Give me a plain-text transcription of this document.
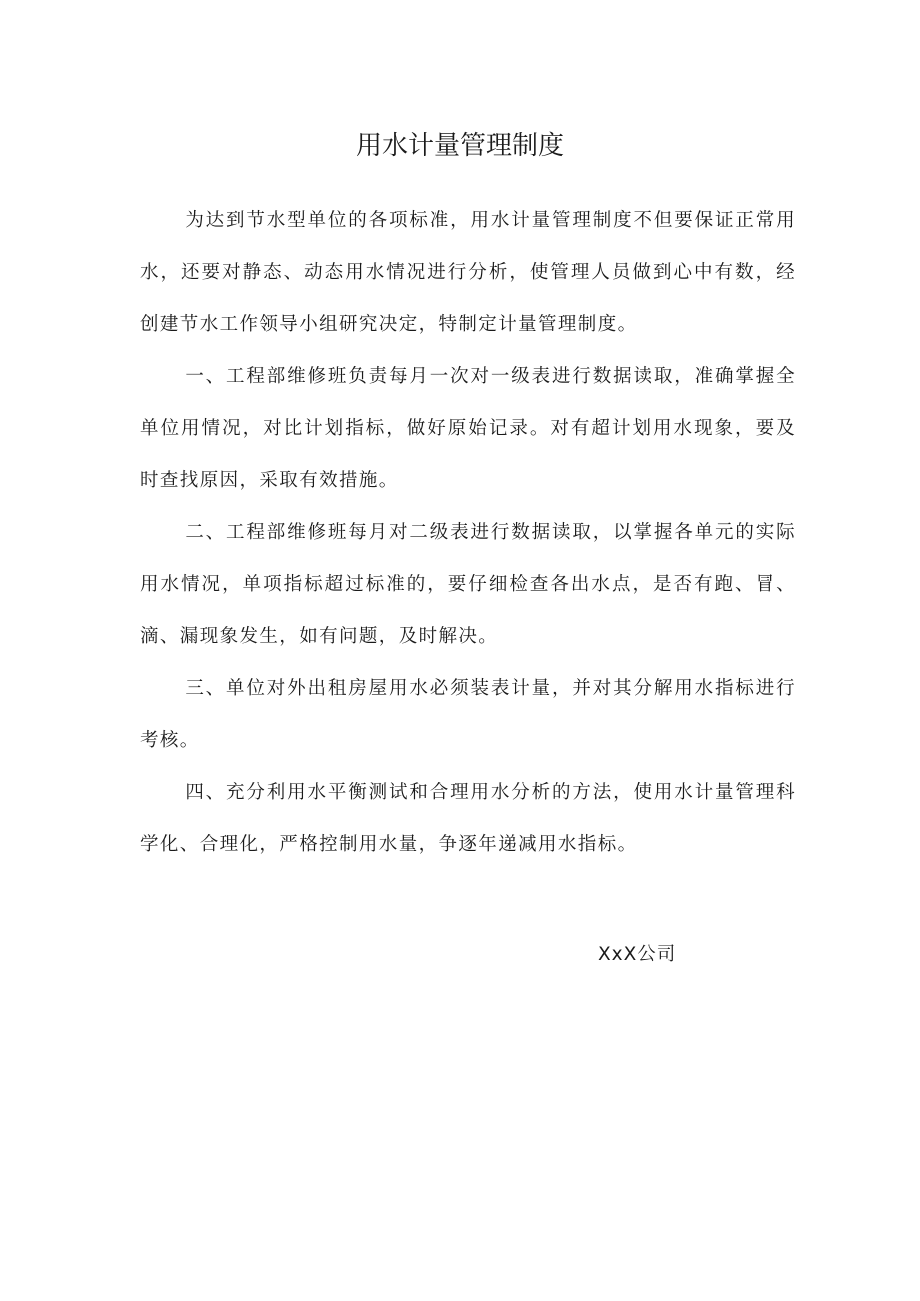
用水计量管理制度

为达到节水型单位的各项标准，用水计量管理制度不但要保证正常用水，还要对静态、动态用水情况进行分析，使管理人员做到心中有数，经创建节水工作领导小组研究决定，特制定计量管理制度。

一、工程部维修班负责每月一次对一级表进行数据读取，准确掌握全单位用情况，对比计划指标，做好原始记录。对有超计划用水现象，要及时查找原因，采取有效措施。

二、工程部维修班每月对二级表进行数据读取，以掌握各单元的实际用水情况，单项指标超过标准的，要仔细检查各出水点，是否有跑、冒、滴、漏现象发生，如有问题，及时解决。

三、单位对外出租房屋用水必须装表计量，并对其分解用水指标进行考核。

四、充分利用水平衡测试和合理用水分析的方法，使用水计量管理科学化、合理化，严格控制用水量，争逐年递减用水指标。

XxX公司
